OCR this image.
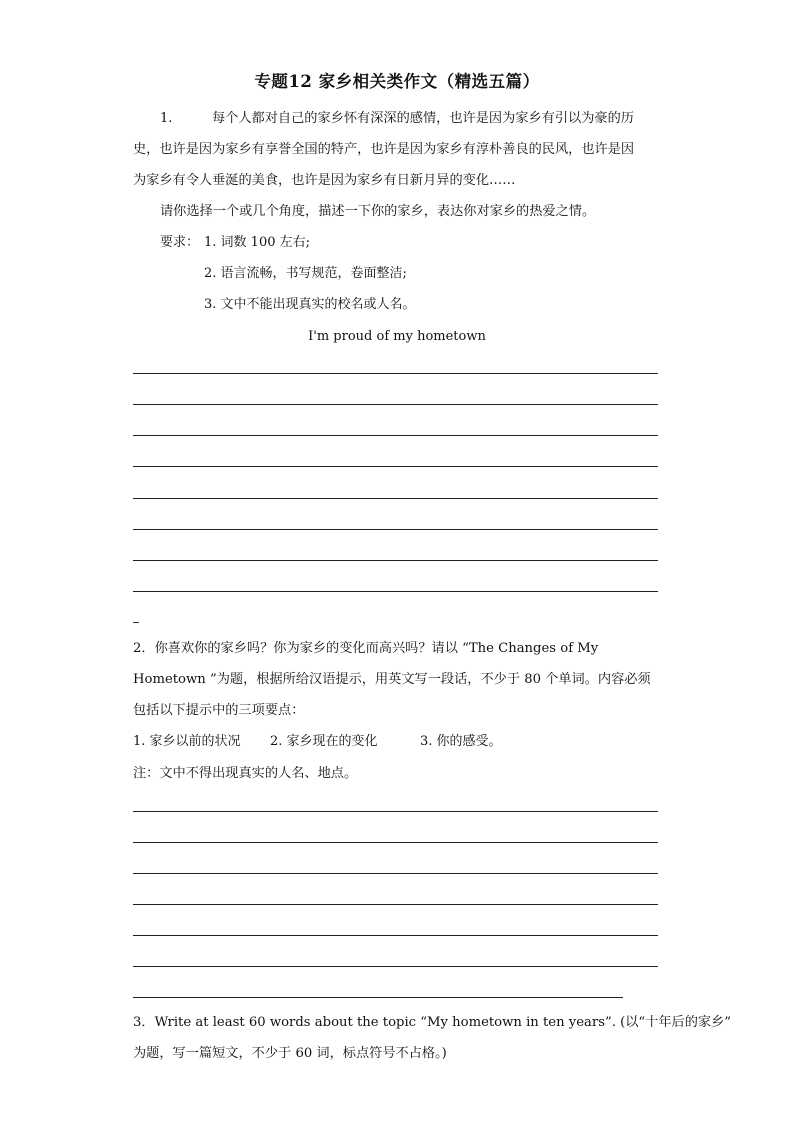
专题12 家乡相关类作文（精选五篇）
1.	每个人都对自己的家乡怀有深深的感情，也许是因为家乡有引以为豪的历
史，也许是因为家乡有享誉全国的特产，也许是因为家乡有淳朴善良的民风，也许是因
为家乡有令人垂涎的美食，也许是因为家乡有日新月异的变化……
请你选择一个或几个角度，描述一下你的家乡，表达你对家乡的热爱之情。
要求： 1. 词数 100 左右;
2. 语言流畅，书写规范，卷面整洁;
3. 文中不能出现真实的校名或人名。
I'm proud of my hometown
2．你喜欢你的家乡吗？你为家乡的变化而高兴吗？请以 “The Changes of My
Hometown ”为题，根据所给汉语提示，用英文写一段话，不少于 80 个单词。内容必须
包括以下提示中的三项要点：
1. 家乡以前的状况 2. 家乡现在的变化	3. 你的感受。
注：文中不得出现真实的人名、地点。
3．Write at least 60 words about the topic “My hometown in ten years”. (以“十年后的家乡”
为题，写一篇短文，不少于 60 词，标点符号不占格。)
